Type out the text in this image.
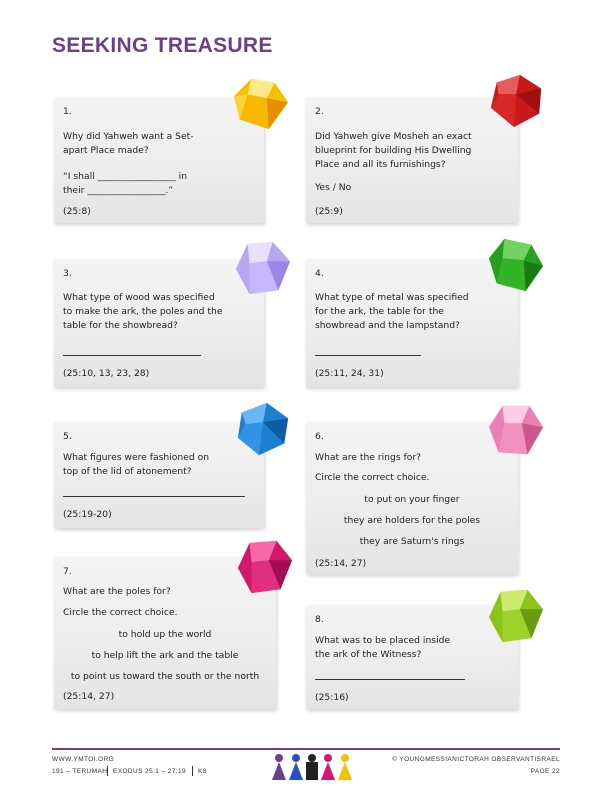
SEEKING TREASURE
1.
Why did Yahweh want a Set-
apart Place made?
“I shall _________________ in
their _________________.”
(25:8)
2.
Did Yahweh give Mosheh an exact
blueprint for building His Dwelling
Place and all its furnishings?
Yes / No
(25:9)
3.
What type of wood was specified
to make the ark, the poles and the
table for the showbread?
(25:10, 13, 23, 28)
4.
What type of metal was specified
for the ark, the table for the
showbread and the lampstand?
(25:11, 24, 31)
5.
What figures were fashioned on
top of the lid of atonement?
(25:19-20)
6.
What are the rings for?
Circle the correct choice.
to put on your finger
they are holders for the poles
they are Saturn's rings
(25:14, 27)
7.
What are the poles for?
Circle the correct choice.
to hold up the world
to help lift the ark and the table
to point us toward the south or the north
(25:14, 27)
8.
What was to be placed inside
the ark of the Witness?
(25:16)
WWW.YMTOI.ORG
191 – TERUMAH EXODUS 25:1 – 27:19 K8
© YOUNGMESSIANICTORAH OBSERVANTISRAEL
PAGE 22
